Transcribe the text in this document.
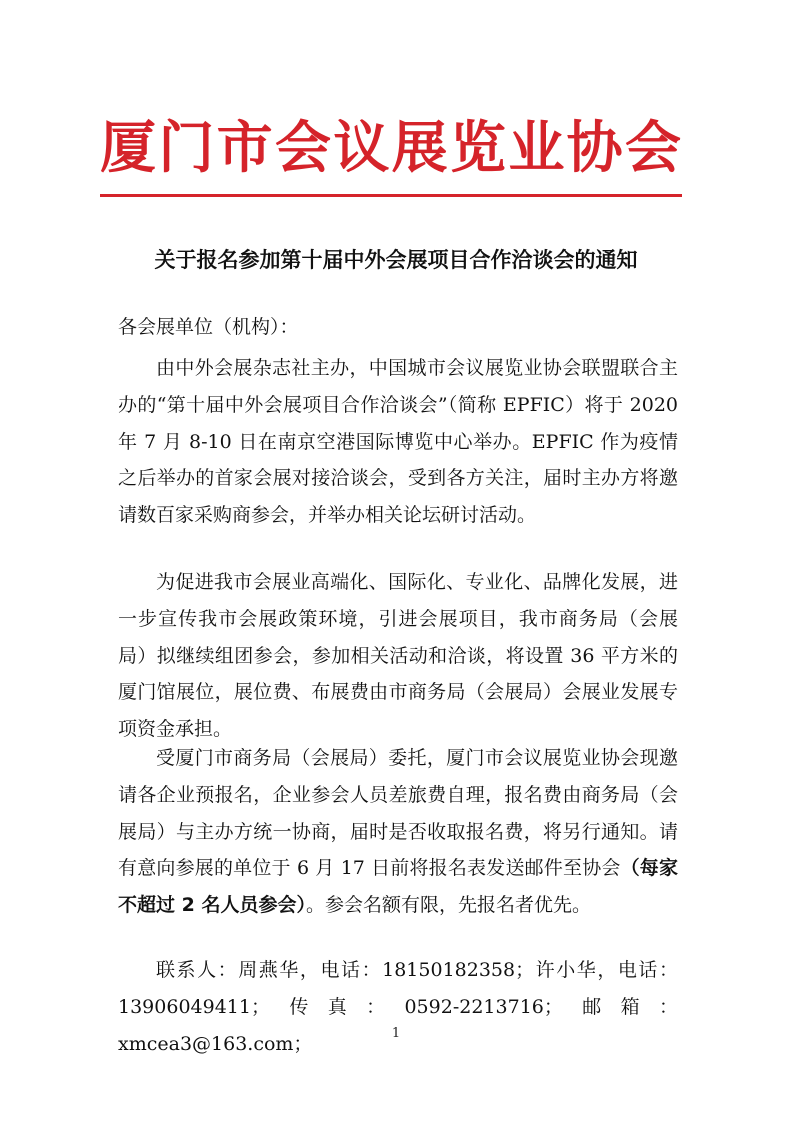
厦门市会议展览业协会
关于报名参加第十届中外会展项目合作洽谈会的通知
各会展单位（机构）：

由中外会展杂志社主办，中国城市会议展览业协会联盟联合主办的“第十届中外会展项目合作洽谈会”（简称 EPFIC）将于 2020 年 7 月 8-10 日在南京空港国际博览中心举办。EPFIC 作为疫情之后举办的首家会展对接洽谈会，受到各方关注，届时主办方将邀请数百家采购商参会，并举办相关论坛研讨活动。

为促进我市会展业高端化、国际化、专业化、品牌化发展，进一步宣传我市会展政策环境，引进会展项目，我市商务局（会展局）拟继续组团参会，参加相关活动和洽谈，将设置 36 平方米的厦门馆展位，展位费、布展费由市商务局（会展局）会展业发展专项资金承担。

受厦门市商务局（会展局）委托，厦门市会议展览业协会现邀请各企业预报名，企业参会人员差旅费自理，报名费由商务局（会展局）与主办方统一协商，届时是否收取报名费，将另行通知。请有意向参展的单位于 6 月 17 日前将报名表发送邮件至协会（每家不超过 2 名人员参会）。参会名额有限，先报名者优先。

联系人：周燕华，电话：18150182358；许小华，电话：13906049411；传真：0592-2213716；邮箱：xmcea3@163.com；	1
